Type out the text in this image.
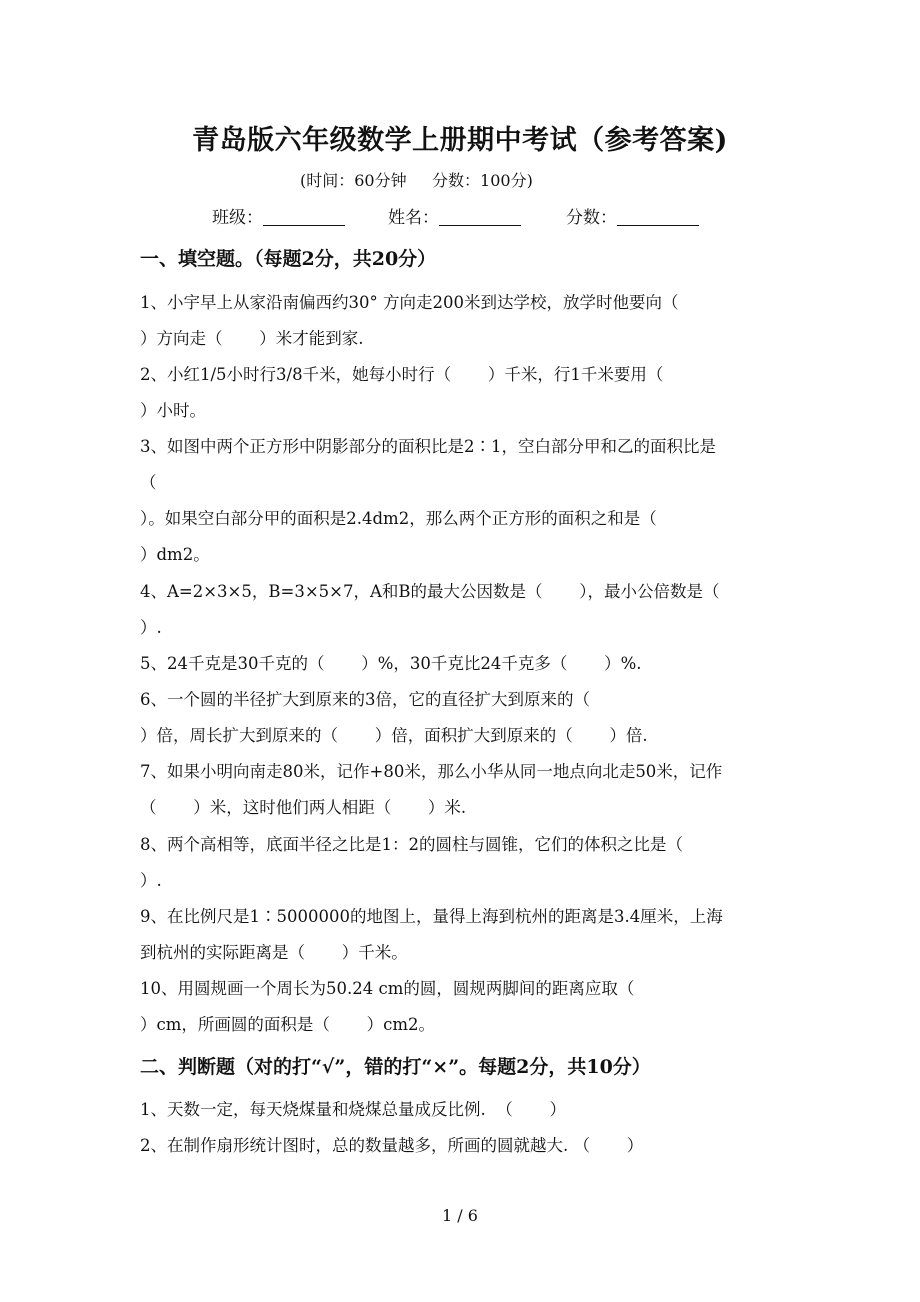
青岛版六年级数学上册期中考试（参考答案)
(时间：60分钟     分数：100分)
班级：	姓名：	分数：
一、填空题。（每题2分，共20分）
1、小宇早上从家沿南偏西约30° 方向走200米到达学校，放学时他要向（
）方向走（       ）米才能到家.
2、小红1/5小时行3/8千米，她每小时行（       ）千米，行1千米要用（
）小时。
3、如图中两个正方形中阴影部分的面积比是2∶1，空白部分甲和乙的面积比是
（
）。如果空白部分甲的面积是2.4dm2，那么两个正方形的面积之和是（
）dm2。
4、A=2×3×5，B=3×5×7，A和B的最大公因数是（       ），最小公倍数是（
）.
5、24千克是30千克的（       ）%，30千克比24千克多（       ）%.
6、一个圆的半径扩大到原来的3倍，它的直径扩大到原来的（
）倍，周长扩大到原来的（       ）倍，面积扩大到原来的（       ）倍.
7、如果小明向南走80米，记作+80米，那么小华从同一地点向北走50米，记作
（       ）米，这时他们两人相距（       ）米.
8、两个高相等，底面半径之比是1：2的圆柱与圆锥，它们的体积之比是（
）.
9、在比例尺是1∶5000000的地图上，量得上海到杭州的距离是3.4厘米，上海
到杭州的实际距离是（       ）千米。
10、用圆规画一个周长为50.24 cm的圆，圆规两脚间的距离应取（
）cm，所画圆的面积是（       ）cm2。
二、判断题（对的打“√”，错的打“×”。每题2分，共10分）
1、天数一定，每天烧煤量和烧煤总量成反比例.  （       ）
2、在制作扇形统计图时，总的数量越多，所画的圆就越大. （       ）
1 / 6
